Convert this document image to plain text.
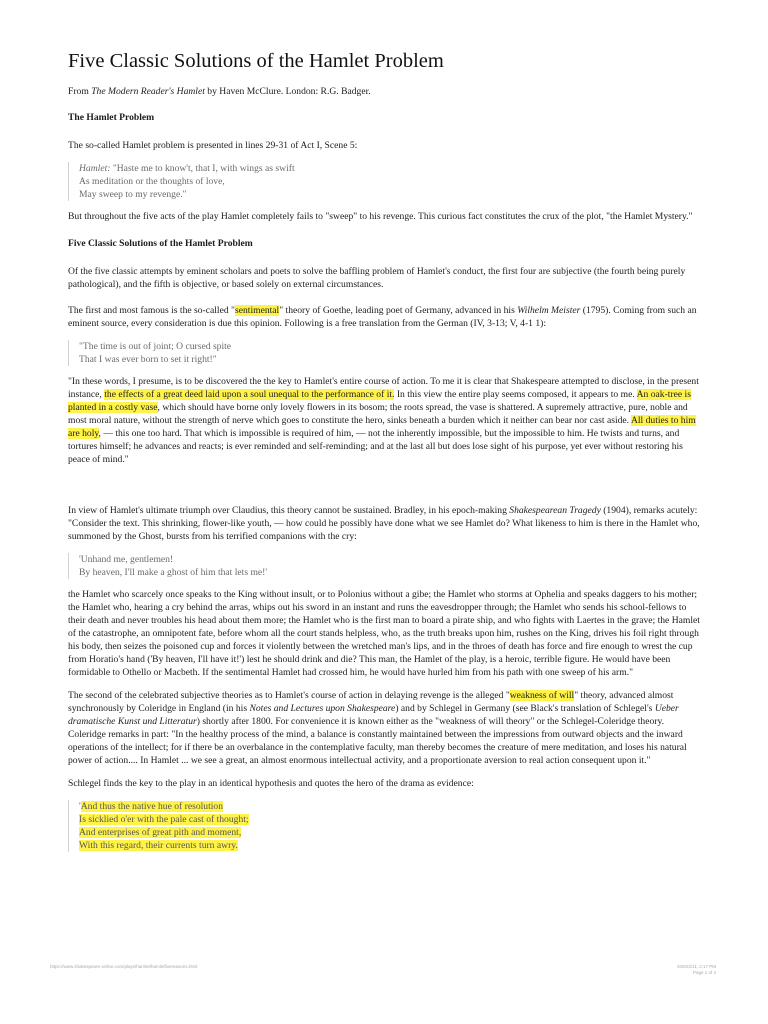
Five Classic Solutions of the Hamlet Problem

From The Modern Reader's Hamlet by Haven McClure. London: R.G. Badger.

The Hamlet Problem

The so-called Hamlet problem is presented in lines 29-31 of Act I, Scene 5:

Hamlet: "Haste me to know't, that I, with wings as swift
As meditation or the thoughts of love,
May sweep to my revenge."

But throughout the five acts of the play Hamlet completely fails to "sweep" to his revenge. This curious fact constitutes the crux of the plot, "the Hamlet Mystery."

Five Classic Solutions of the Hamlet Problem

Of the five classic attempts by eminent scholars and poets to solve the baffling problem of Hamlet's conduct, the first four are subjective (the fourth being purely pathological), and the fifth is objective, or based solely on external circumstances.

The first and most famous is the so-called "sentimental" theory of Goethe, leading poet of Germany, advanced in his Wilhelm Meister (1795). Coming from such an eminent source, every consideration is due this opinion. Following is a free translation from the German (IV, 3-13; V, 4-1 1):

"The time is out of joint; O cursed spite
That I was ever born to set it right!"

"In these words, I presume, is to be discovered the the key to Hamlet's entire course of action. To me it is clear that Shakespeare attempted to disclose, in the present instance, the effects of a great deed laid upon a soul unequal to the performance of it. In this view the entire play seems composed, it appears to me. An oak-tree is planted in a costly vase, which should have borne only lovely flowers in its bosom; the roots spread, the vase is shattered. A supremely attractive, pure, noble and most moral nature, without the strength of nerve which goes to constitute the hero, sinks beneath a burden which it neither can bear nor cast aside. All duties to him are holy, — this one too hard. That which is impossible is required of him, — not the inherently impossible, but the impossible to him. He twists and turns, and tortures himself; he advances and reacts; is ever reminded and self-reminding; and at the last all but does lose sight of his purpose, yet ever without restoring his peace of mind."

In view of Hamlet's ultimate triumph over Claudius, this theory cannot be sustained. Bradley, in his epoch-making Shakespearean Tragedy (1904), remarks acutely: "Consider the text. This shrinking, flower-like youth, — how could he possibly have done what we see Hamlet do? What likeness to him is there in the Hamlet who, summoned by the Ghost, bursts from his terrified companions with the cry:

'Unhand me, gentlemen!
By heaven, I'll make a ghost of him that lets me!'

the Hamlet who scarcely once speaks to the King without insult, or to Polonius without a gibe; the Hamlet who storms at Ophelia and speaks daggers to his mother; the Hamlet who, hearing a cry behind the arras, whips out his sword in an instant and runs the eavesdropper through; the Hamlet who sends his school-fellows to their death and never troubles his head about them more; the Hamlet who is the first man to board a pirate ship, and who fights with Laertes in the grave; the Hamlet of the catastrophe, an omnipotent fate, before whom all the court stands helpless, who, as the truth breaks upon him, rushes on the King, drives his foil right through his body, then seizes the poisoned cup and forces it violently between the wretched man's lips, and in the throes of death has force and fire enough to wrest the cup from Horatio's hand ('By heaven, I'll have it!') lest he should drink and die? This man, the Hamlet of the play, is a heroic, terrible figure. He would have been formidable to Othello or Macbeth. If the sentimental Hamlet had crossed him, he would have hurled him from his path with one sweep of his arm."

The second of the celebrated subjective theories as to Hamlet's course of action in delaying revenge is the alleged "weakness of will" theory, advanced almost synchronously by Coleridge in England (in his Notes and Lectures upon Shakespeare) and by Schlegel in Germany (see Black's translation of Schlegel's Ueber dramatische Kunst und Litteratur) shortly after 1800. For convenience it is known either as the "weakness of will theory" or the Schlegel-Coleridge theory. Coleridge remarks in part: "In the healthy process of the mind, a balance is constantly maintained between the impressions from outward objects and the inward operations of the intellect; for if there be an overbalance in the contemplative faculty, man thereby becomes the creature of mere meditation, and loses his natural power of action.... In Hamlet ... we see a great, an almost enormous intellectual activity, and a proportionate aversion to real action consequent upon it."

Schlegel finds the key to the play in an identical hypothesis and quotes the hero of the drama as evidence:

'And thus the native hue of resolution
Is sicklied o'er with the pale cast of thought;
And enterprises of great pith and moment,
With this regard, their currents turn awry.
https://www.shakespeare-online.com/plays/hamlet/hamletfivereasons.html	2020/3/11, 2:17 PM
Page 1 of 4
